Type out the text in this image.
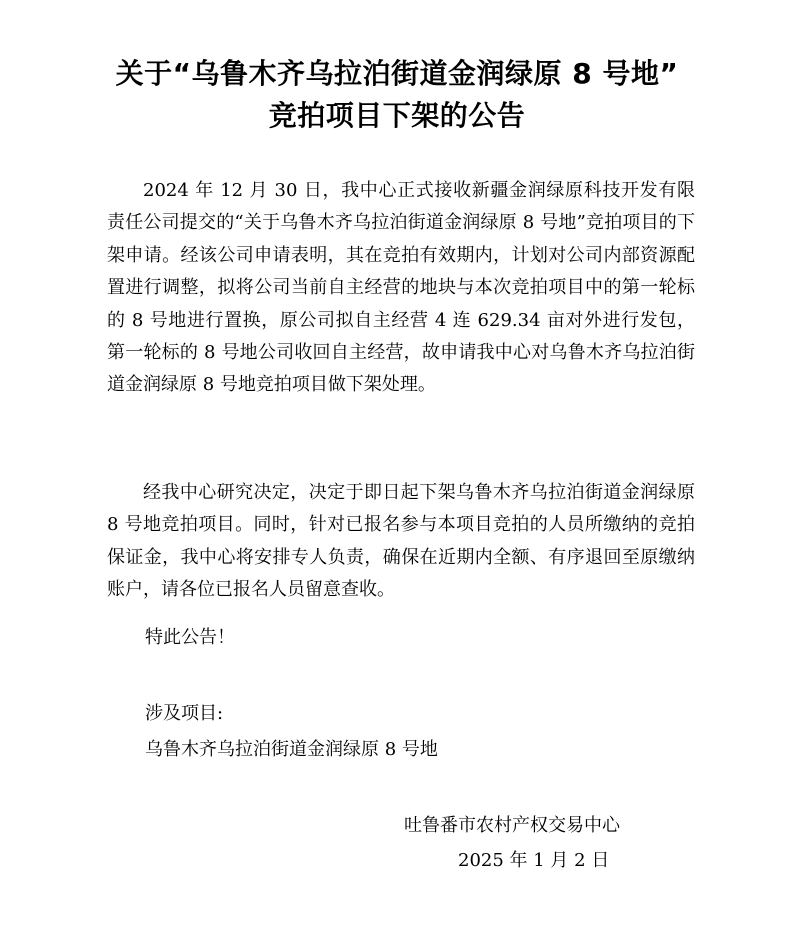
关于“乌鲁木齐乌拉泊街道金润绿原 8 号地”
竞拍项目下架的公告

2024 年 12 月 30 日，我中心正式接收新疆金润绿原科技开发有限责任公司提交的“关于乌鲁木齐乌拉泊街道金润绿原 8 号地”竞拍项目的下架申请。经该公司申请表明，其在竞拍有效期内，计划对公司内部资源配置进行调整，拟将公司当前自主经营的地块与本次竞拍项目中的第一轮标的 8 号地进行置换，原公司拟自主经营 4 连 629.34 亩对外进行发包，第一轮标的 8 号地公司收回自主经营，故申请我中心对乌鲁木齐乌拉泊街道金润绿原 8 号地竞拍项目做下架处理。

经我中心研究决定，决定于即日起下架乌鲁木齐乌拉泊街道金润绿原 8 号地竞拍项目。同时，针对已报名参与本项目竞拍的人员所缴纳的竞拍保证金，我中心将安排专人负责，确保在近期内全额、有序退回至原缴纳账户，请各位已报名人员留意查收。

特此公告！
涉及项目:
乌鲁木齐乌拉泊街道金润绿原 8 号地
吐鲁番市农村产权交易中心
2025 年 1 月 2 日
